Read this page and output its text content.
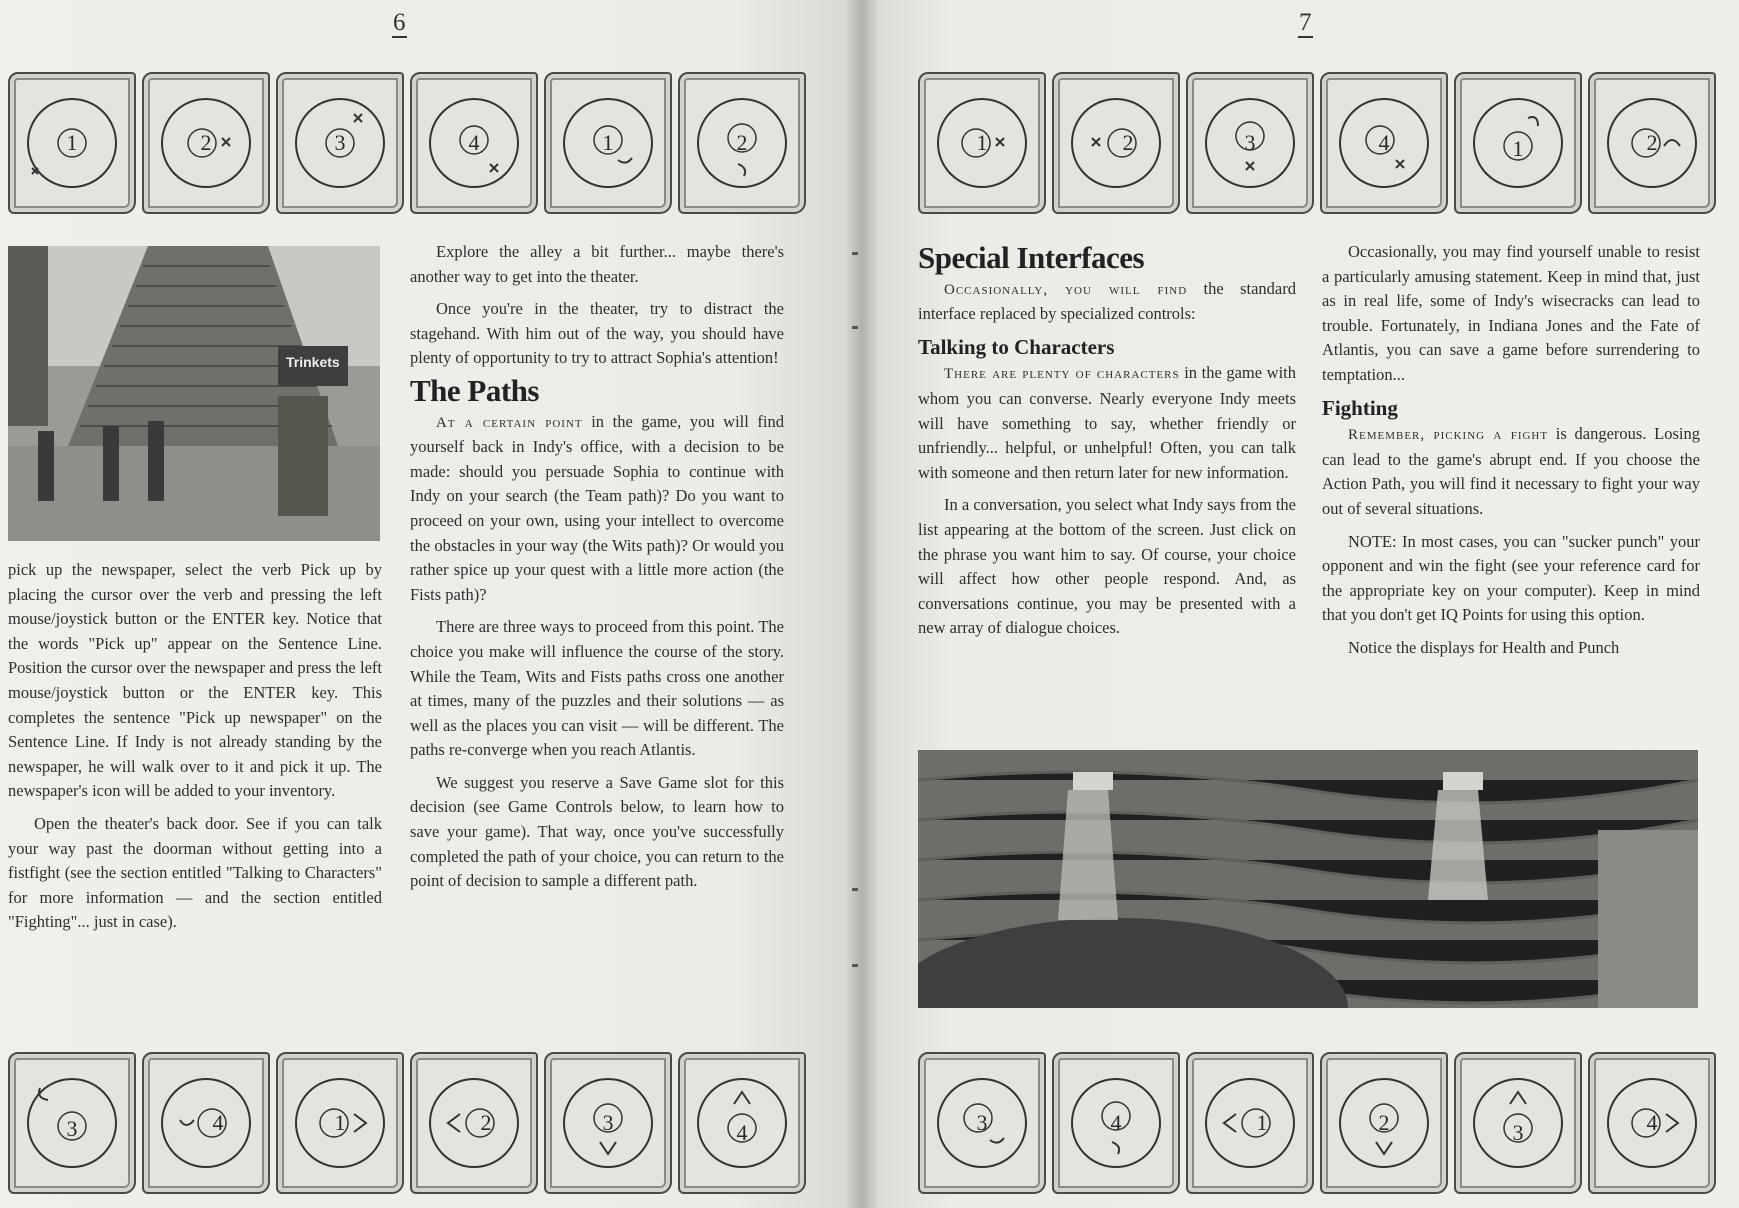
6
1	2	3	4	1	2
Trinkets

pick up the newspaper, select the verb Pick up by placing the cursor over the verb and pressing the left mouse/joystick button or the ENTER key. Notice that the words "Pick up" appear on the Sentence Line. Position the cursor over the newspaper and press the left mouse/joystick button or the ENTER key. This completes the sentence "Pick up newspaper" on the Sentence Line. If Indy is not already standing by the newspaper, he will walk over to it and pick it up. The newspaper's icon will be added to your inventory.

Open the theater's back door. See if you can talk your way past the doorman without getting into a fistfight (see the section entitled "Talking to Characters" for more information — and the section entitled "Fighting"... just in case).

Explore the alley a bit further... maybe there's another way to get into the theater.

Once you're in the theater, try to distract the stagehand. With him out of the way, you should have plenty of opportunity to try to attract Sophia's attention!

The Paths

At a certain point in the game, you will find yourself back in Indy's office, with a decision to be made: should you persuade Sophia to continue with Indy on your search (the Team path)? Do you want to proceed on your own, using your intellect to overcome the obstacles in your way (the Wits path)? Or would you rather spice up your quest with a little more action (the Fists path)?

There are three ways to proceed from this point. The choice you make will influence the course of the story. While the Team, Wits and Fists paths cross one another at times, many of the puzzles and their solutions — as well as the places you can visit — will be different. The paths re-converge when you reach Atlantis.

We suggest you reserve a Save Game slot for this decision (see Game Controls below, to learn how to save your game). That way, once you've successfully completed the path of your choice, you can return to the point of decision to sample a different path.

3	4	1	2	3	4
7
1	2	3	4	1	2
Special Interfaces

Occasionally, you will find the standard interface replaced by specialized controls:

Talking to Characters

There are plenty of characters in the game with whom you can converse. Nearly everyone Indy meets will have something to say, whether friendly or unfriendly... helpful, or unhelpful! Often, you can talk with someone and then return later for new information.

In a conversation, you select what Indy says from the list appearing at the bottom of the screen. Just click on the phrase you want him to say. Of course, your choice will affect how other people respond. And, as conversations continue, you may be presented with a new array of dialogue choices.

Occasionally, you may find yourself unable to resist a particularly amusing statement. Keep in mind that, just as in real life, some of Indy's wisecracks can lead to trouble. Fortunately, in Indiana Jones and the Fate of Atlantis, you can save a game before surrendering to temptation...

Fighting

Remember, picking a fight is dangerous. Losing can lead to the game's abrupt end. If you choose the Action Path, you will find it necessary to fight your way out of several situations.

NOTE: In most cases, you can "sucker punch" your opponent and win the fight (see your reference card for the appropriate key on your computer). Keep in mind that you don't get IQ Points for using this option.

Notice the displays for Health and Punch

3	4	1	2	3	4
